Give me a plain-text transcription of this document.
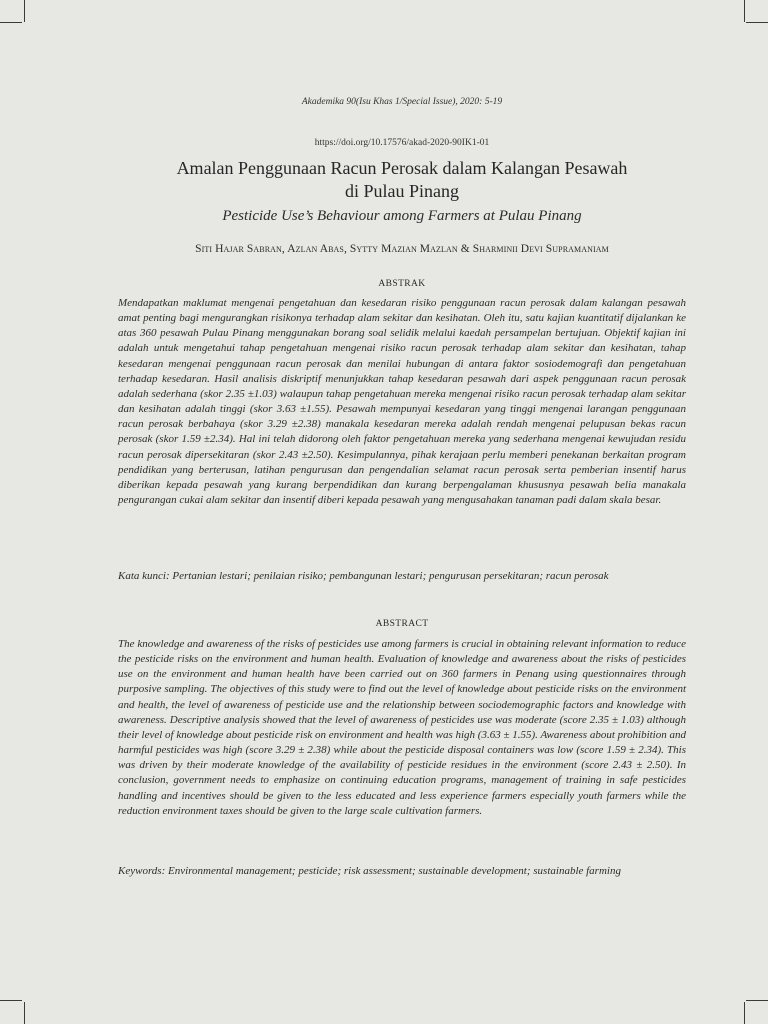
Akademika 90(Isu Khas 1/Special Issue), 2020: 5-19
https://doi.org/10.17576/akad-2020-90IK1-01
Amalan Penggunaan Racun Perosak dalam Kalangan Pesawah
di Pulau Pinang
Pesticide Use’s Behaviour among Farmers at Pulau Pinang
Siti Hajar Sabran, Azlan Abas, Sytty Mazian Mazlan & Sharminii Devi Supramaniam
ABSTRAK

Mendapatkan maklumat mengenai pengetahuan dan kesedaran risiko penggunaan racun perosak dalam kalangan pesawah amat penting bagi mengurangkan risikonya terhadap alam sekitar dan kesihatan. Oleh itu, satu kajian kuantitatif dijalankan ke atas 360 pesawah Pulau Pinang menggunakan borang soal selidik melalui kaedah persampelan bertujuan. Objektif kajian ini adalah untuk mengetahui tahap pengetahuan mengenai risiko racun perosak terhadap alam sekitar dan kesihatan, tahap kesedaran mengenai penggunaan racun perosak dan menilai hubungan di antara faktor sosiodemografi dan pengetahuan terhadap kesedaran. Hasil analisis diskriptif menunjukkan tahap kesedaran pesawah dari aspek penggunaan racun perosak adalah sederhana (skor 2.35 ±1.03) walaupun tahap pengetahuan mereka mengenai risiko racun perosak terhadap alam sekitar dan kesihatan adalah tinggi (skor 3.63 ±1.55). Pesawah mempunyai kesedaran yang tinggi mengenai larangan penggunaan racun perosak berbahaya (skor 3.29 ±2.38) manakala kesedaran mereka adalah rendah mengenai pelupusan bekas racun perosak (skor 1.59 ±2.34). Hal ini telah didorong oleh faktor pengetahuan mereka yang sederhana mengenai kewujudan residu racun perosak dipersekitaran (skor 2.43 ±2.50). Kesimpulannya, pihak kerajaan perlu memberi penekanan berkaitan program pendidikan yang berterusan, latihan pengurusan dan pengendalian selamat racun perosak serta pemberian insentif harus diberikan kepada pesawah yang kurang berpendidikan dan kurang berpengalaman khususnya pesawah belia manakala pengurangan cukai alam sekitar dan insentif diberi kepada pesawah yang mengusahakan tanaman padi dalam skala besar.

Kata kunci: Pertanian lestari; penilaian risiko; pembangunan lestari; pengurusan persekitaran; racun perosak

ABSTRACT

The knowledge and awareness of the risks of pesticides use among farmers is crucial in obtaining relevant information to reduce the pesticide risks on the environment and human health. Evaluation of knowledge and awareness about the risks of pesticides use on the environment and human health have been carried out on 360 farmers in Penang using questionnaires through purposive sampling. The objectives of this study were to find out the level of knowledge about pesticide risks on the environment and health, the level of awareness of pesticide use and the relationship between sociodemographic factors and knowledge with awareness. Descriptive analysis showed that the level of awareness of pesticides use was moderate (score 2.35 ± 1.03) although their level of knowledge about pesticide risk on environment and health was high (3.63 ± 1.55). Awareness about prohibition and harmful pesticides was high (score 3.29 ± 2.38) while about the pesticide disposal containers was low (score 1.59 ± 2.34). This was driven by their moderate knowledge of the availability of pesticide residues in the environment (score 2.43 ± 2.50). In conclusion, government needs to emphasize on continuing education programs, management of training in safe pesticides handling and incentives should be given to the less educated and less experience farmers especially youth farmers while the reduction environment taxes should be given to the large scale cultivation farmers.

Keywords: Environmental management; pesticide; risk assessment; sustainable development; sustainable farming
